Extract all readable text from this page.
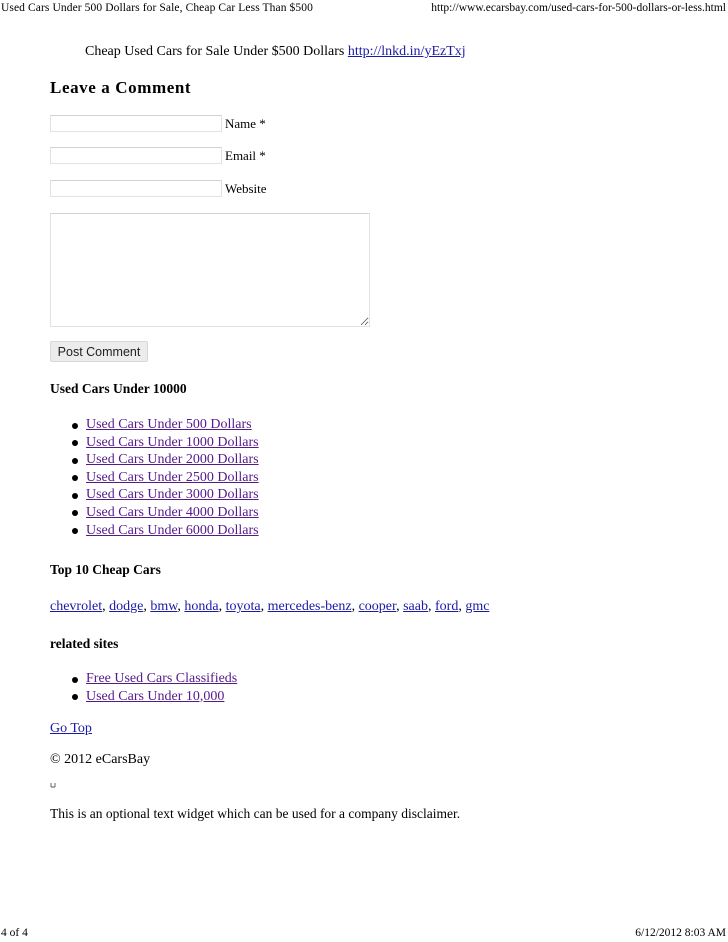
Used Cars Under 500 Dollars for Sale, Cheap Car Less Than $500	http://www.ecarsbay.com/used-cars-for-500-dollars-or-less.html
Cheap Used Cars for Sale Under $500 Dollars http://lnkd.in/yEzTxj
Leave a Comment
Name *
Email *
Website
Post Comment
Used Cars Under 10000
Used Cars Under 500 Dollars
Used Cars Under 1000 Dollars
Used Cars Under 2000 Dollars
Used Cars Under 2500 Dollars
Used Cars Under 3000 Dollars
Used Cars Under 4000 Dollars
Used Cars Under 6000 Dollars
Top 10 Cheap Cars
chevrolet, dodge, bmw, honda, toyota, mercedes-benz, cooper, saab, ford, gmc
related sites
Free Used Cars Classifieds
Used Cars Under 10,000
Go Top
© 2012 eCarsBay
This is an optional text widget which can be used for a company disclaimer.
4 of 4	6/12/2012 8:03 AM
